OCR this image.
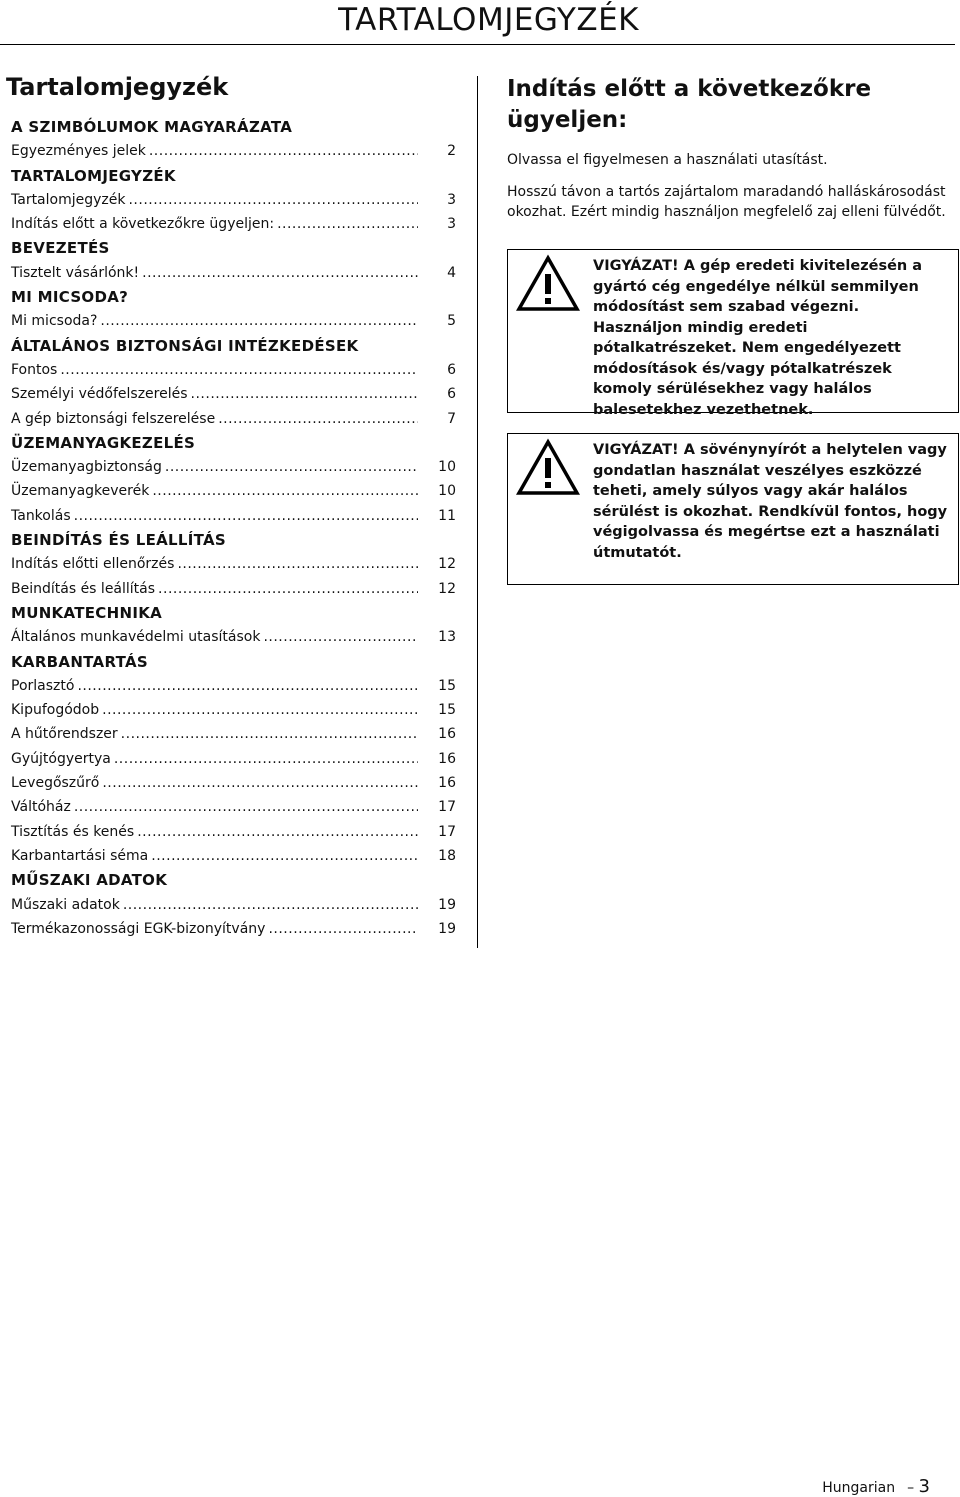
TARTALOMJEGYZÉK
Tartalomjegyzék
A SZIMBÓLUMOK MAGYARÁZATA
Egyezményes jelek .....	2
TARTALOMJEGYZÉK
Tartalomjegyzék .....	3
Indítás előtt a következőkre ügyeljen: .....	3
BEVEZETÉS
Tisztelt vásárlónk! .....	4
MI MICSODA?
Mi micsoda? .....	5
ÁLTALÁNOS BIZTONSÁGI INTÉZKEDÉSEK
Fontos .....	6
Személyi védőfelszerelés .....	6
A gép biztonsági felszerelése .....	7
ÜZEMANYAGKEZELÉS
Üzemanyagbiztonság .....	10
Üzemanyagkeverék .....	10
Tankolás .....	11
BEINDÍTÁS ÉS LEÁLLÍTÁS
Indítás előtti ellenőrzés .....	12
Beindítás és leállítás .....	12
MUNKATECHNIKA
Általános munkavédelmi utasítások .....	13
KARBANTARTÁS
Porlasztó .....	15
Kipufogódob .....	15
A hűtőrendszer .....	16
Gyújtógyertya .....	16
Levegőszűrő .....	16
Váltóház .....	17
Tisztítás és kenés .....	17
Karbantartási séma .....	18
MŰSZAKI ADATOK
Műszaki adatok .....	19
Termékazonossági EGK-bizonyítvány .....	19
Indítás előtt a következőkre ügyeljen:

Olvassa el figyelmesen a használati utasítást.

Hosszú távon a tartós zajártalom maradandó halláskárosodást okozhat. Ezért mindig használjon megfelelő zaj elleni fülvédőt.

VIGYÁZAT! A gép eredeti kivitelezésén a gyártó cég engedélye nélkül semmilyen módosítást sem szabad végezni. Használjon mindig eredeti pótalkatrészeket. Nem engedélyezett módosítások és/vagy pótalkatrészek komoly sérülésekhez vagy halálos balesetekhez vezethetnek.
VIGYÁZAT! A sövénynyírót a helytelen vagy gondatlan használat veszélyes eszközzé teheti, amely súlyos vagy akár halálos sérülést is okozhat. Rendkívül fontos, hogy végigolvassa és megértse ezt a használati útmutatót.
Hungarian – 3
